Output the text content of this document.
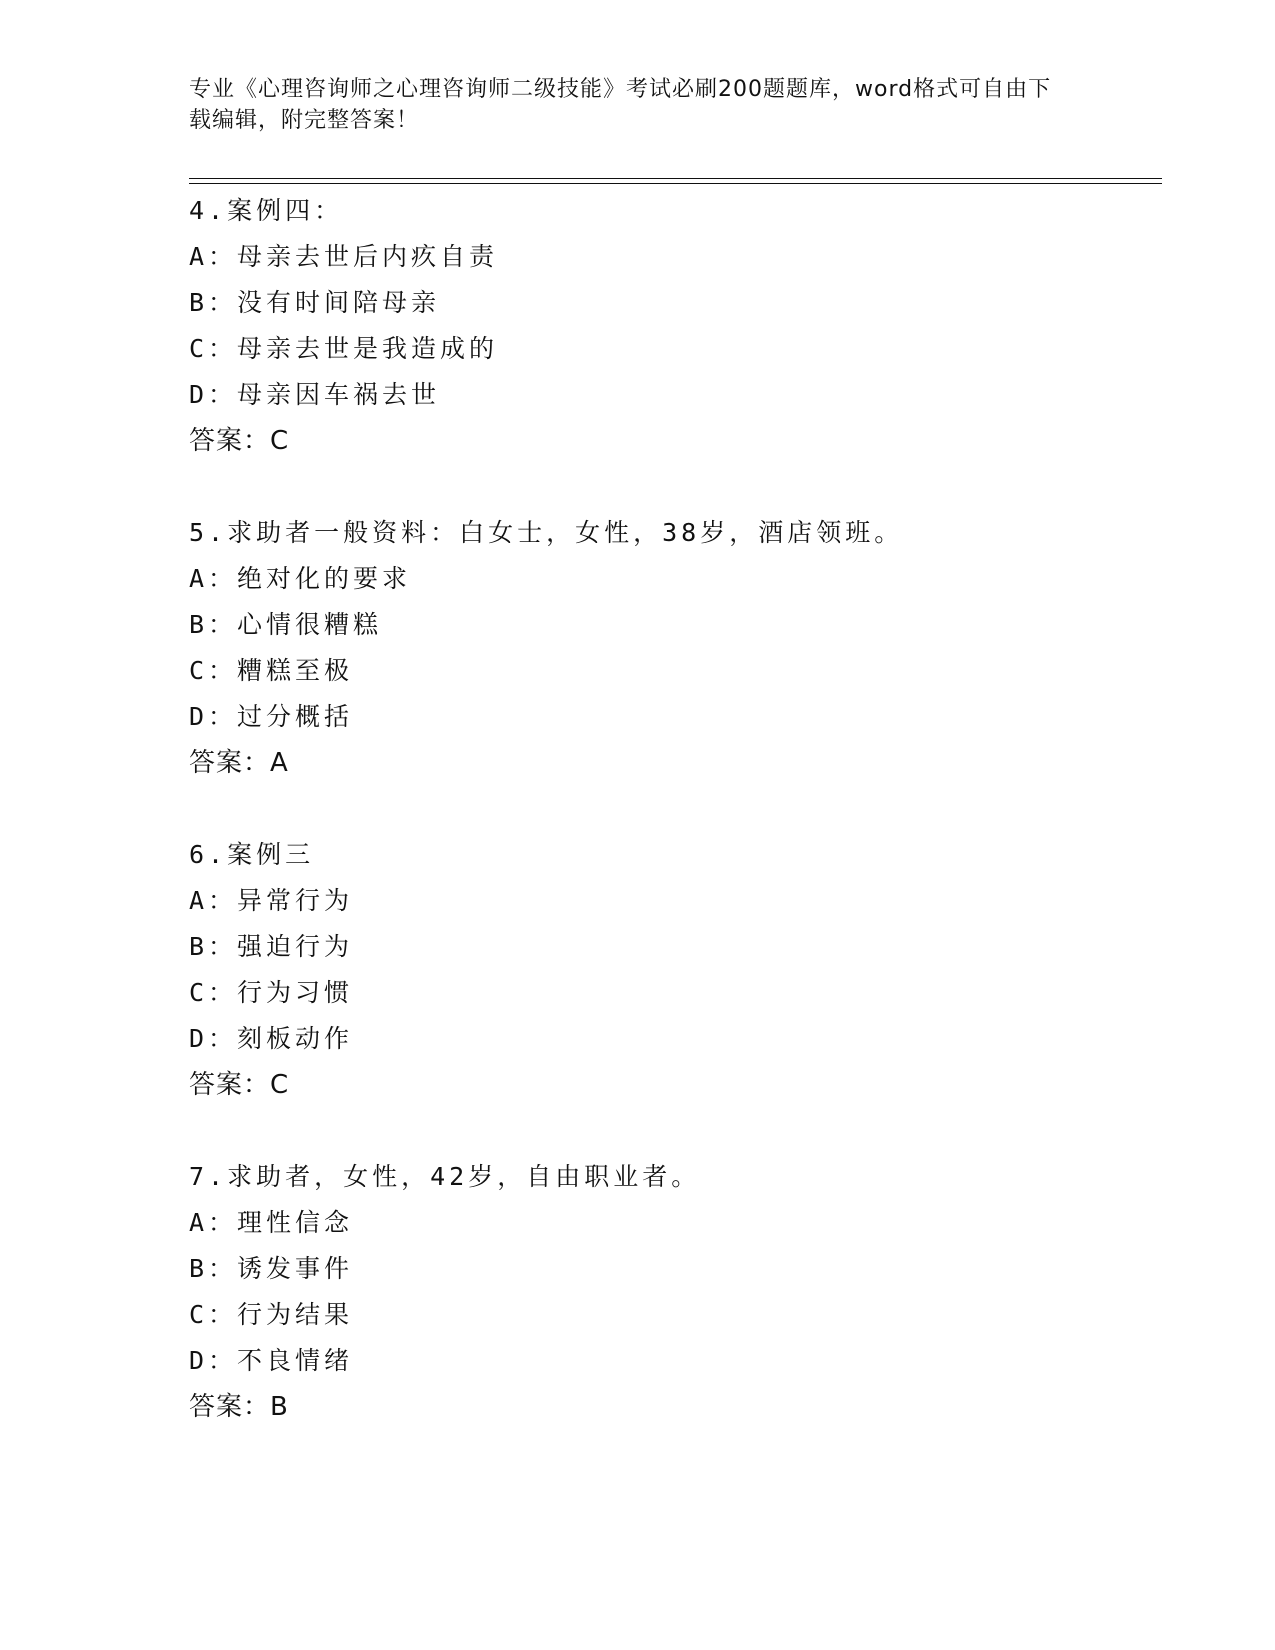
专业《心理咨询师之心理咨询师二级技能》考试必刷200题题库，word格式可自由下载编辑，附完整答案！
4.案例四：
A：母亲去世后内疚自责
B：没有时间陪母亲
C：母亲去世是我造成的
D：母亲因车祸去世
答案：C
5.求助者一般资料：白女士，女性，38岁，酒店领班。
A：绝对化的要求
B：心情很糟糕
C：糟糕至极
D：过分概括
答案：A
6.案例三
A：异常行为
B：强迫行为
C：行为习惯
D：刻板动作
答案：C
7.求助者，女性，42岁，自由职业者。
A：理性信念
B：诱发事件
C：行为结果
D：不良情绪
答案：B
